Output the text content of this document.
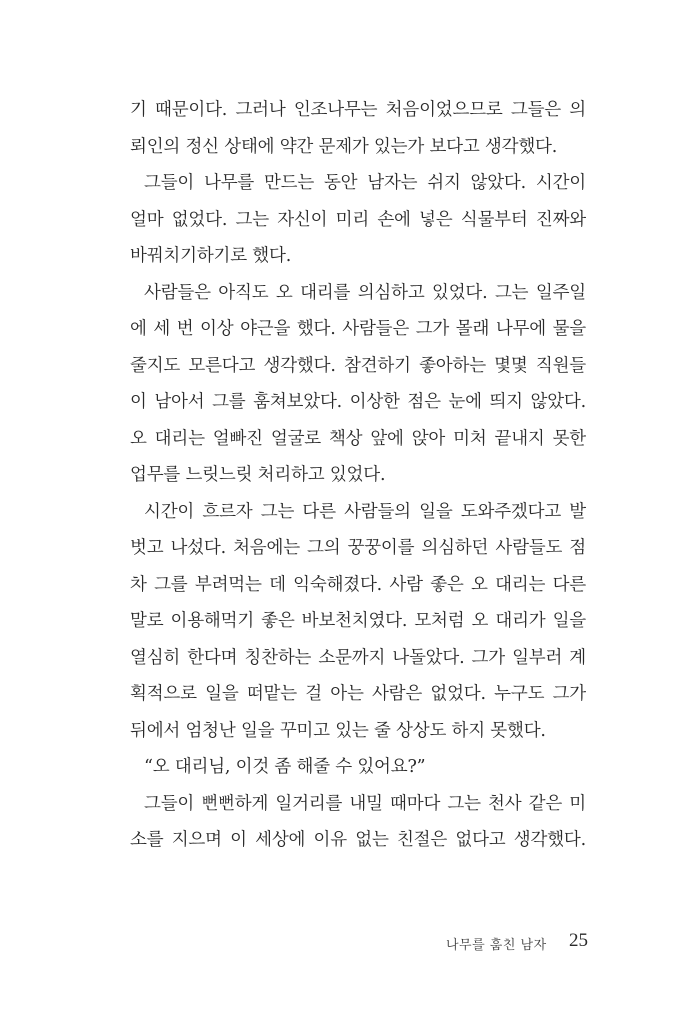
기 때문이다. 그러나 인조나무는 처음이었으므로 그들은 의
뢰인의 정신 상태에 약간 문제가 있는가 보다고 생각했다.
그들이 나무를 만드는 동안 남자는 쉬지 않았다. 시간이
얼마 없었다. 그는 자신이 미리 손에 넣은 식물부터 진짜와
바꿔치기하기로 했다.
사람들은 아직도 오 대리를 의심하고 있었다. 그는 일주일
에 세 번 이상 야근을 했다. 사람들은 그가 몰래 나무에 물을
줄지도 모른다고 생각했다. 참견하기 좋아하는 몇몇 직원들
이 남아서 그를 훔쳐보았다. 이상한 점은 눈에 띄지 않았다.
오 대리는 얼빠진 얼굴로 책상 앞에 앉아 미처 끝내지 못한
업무를 느릿느릿 처리하고 있었다.
시간이 흐르자 그는 다른 사람들의 일을 도와주겠다고 발
벗고 나섰다. 처음에는 그의 꿍꿍이를 의심하던 사람들도 점
차 그를 부려먹는 데 익숙해졌다. 사람 좋은 오 대리는 다른
말로 이용해먹기 좋은 바보천치였다. 모처럼 오 대리가 일을
열심히 한다며 칭찬하는 소문까지 나돌았다. 그가 일부러 계
획적으로 일을 떠맡는 걸 아는 사람은 없었다. 누구도 그가
뒤에서 엄청난 일을 꾸미고 있는 줄 상상도 하지 못했다.
“오 대리님, 이것 좀 해줄 수 있어요?”
그들이 뻔뻔하게 일거리를 내밀 때마다 그는 천사 같은 미
소를 지으며 이 세상에 이유 없는 친절은 없다고 생각했다.
나무를 훔친 남자 25
